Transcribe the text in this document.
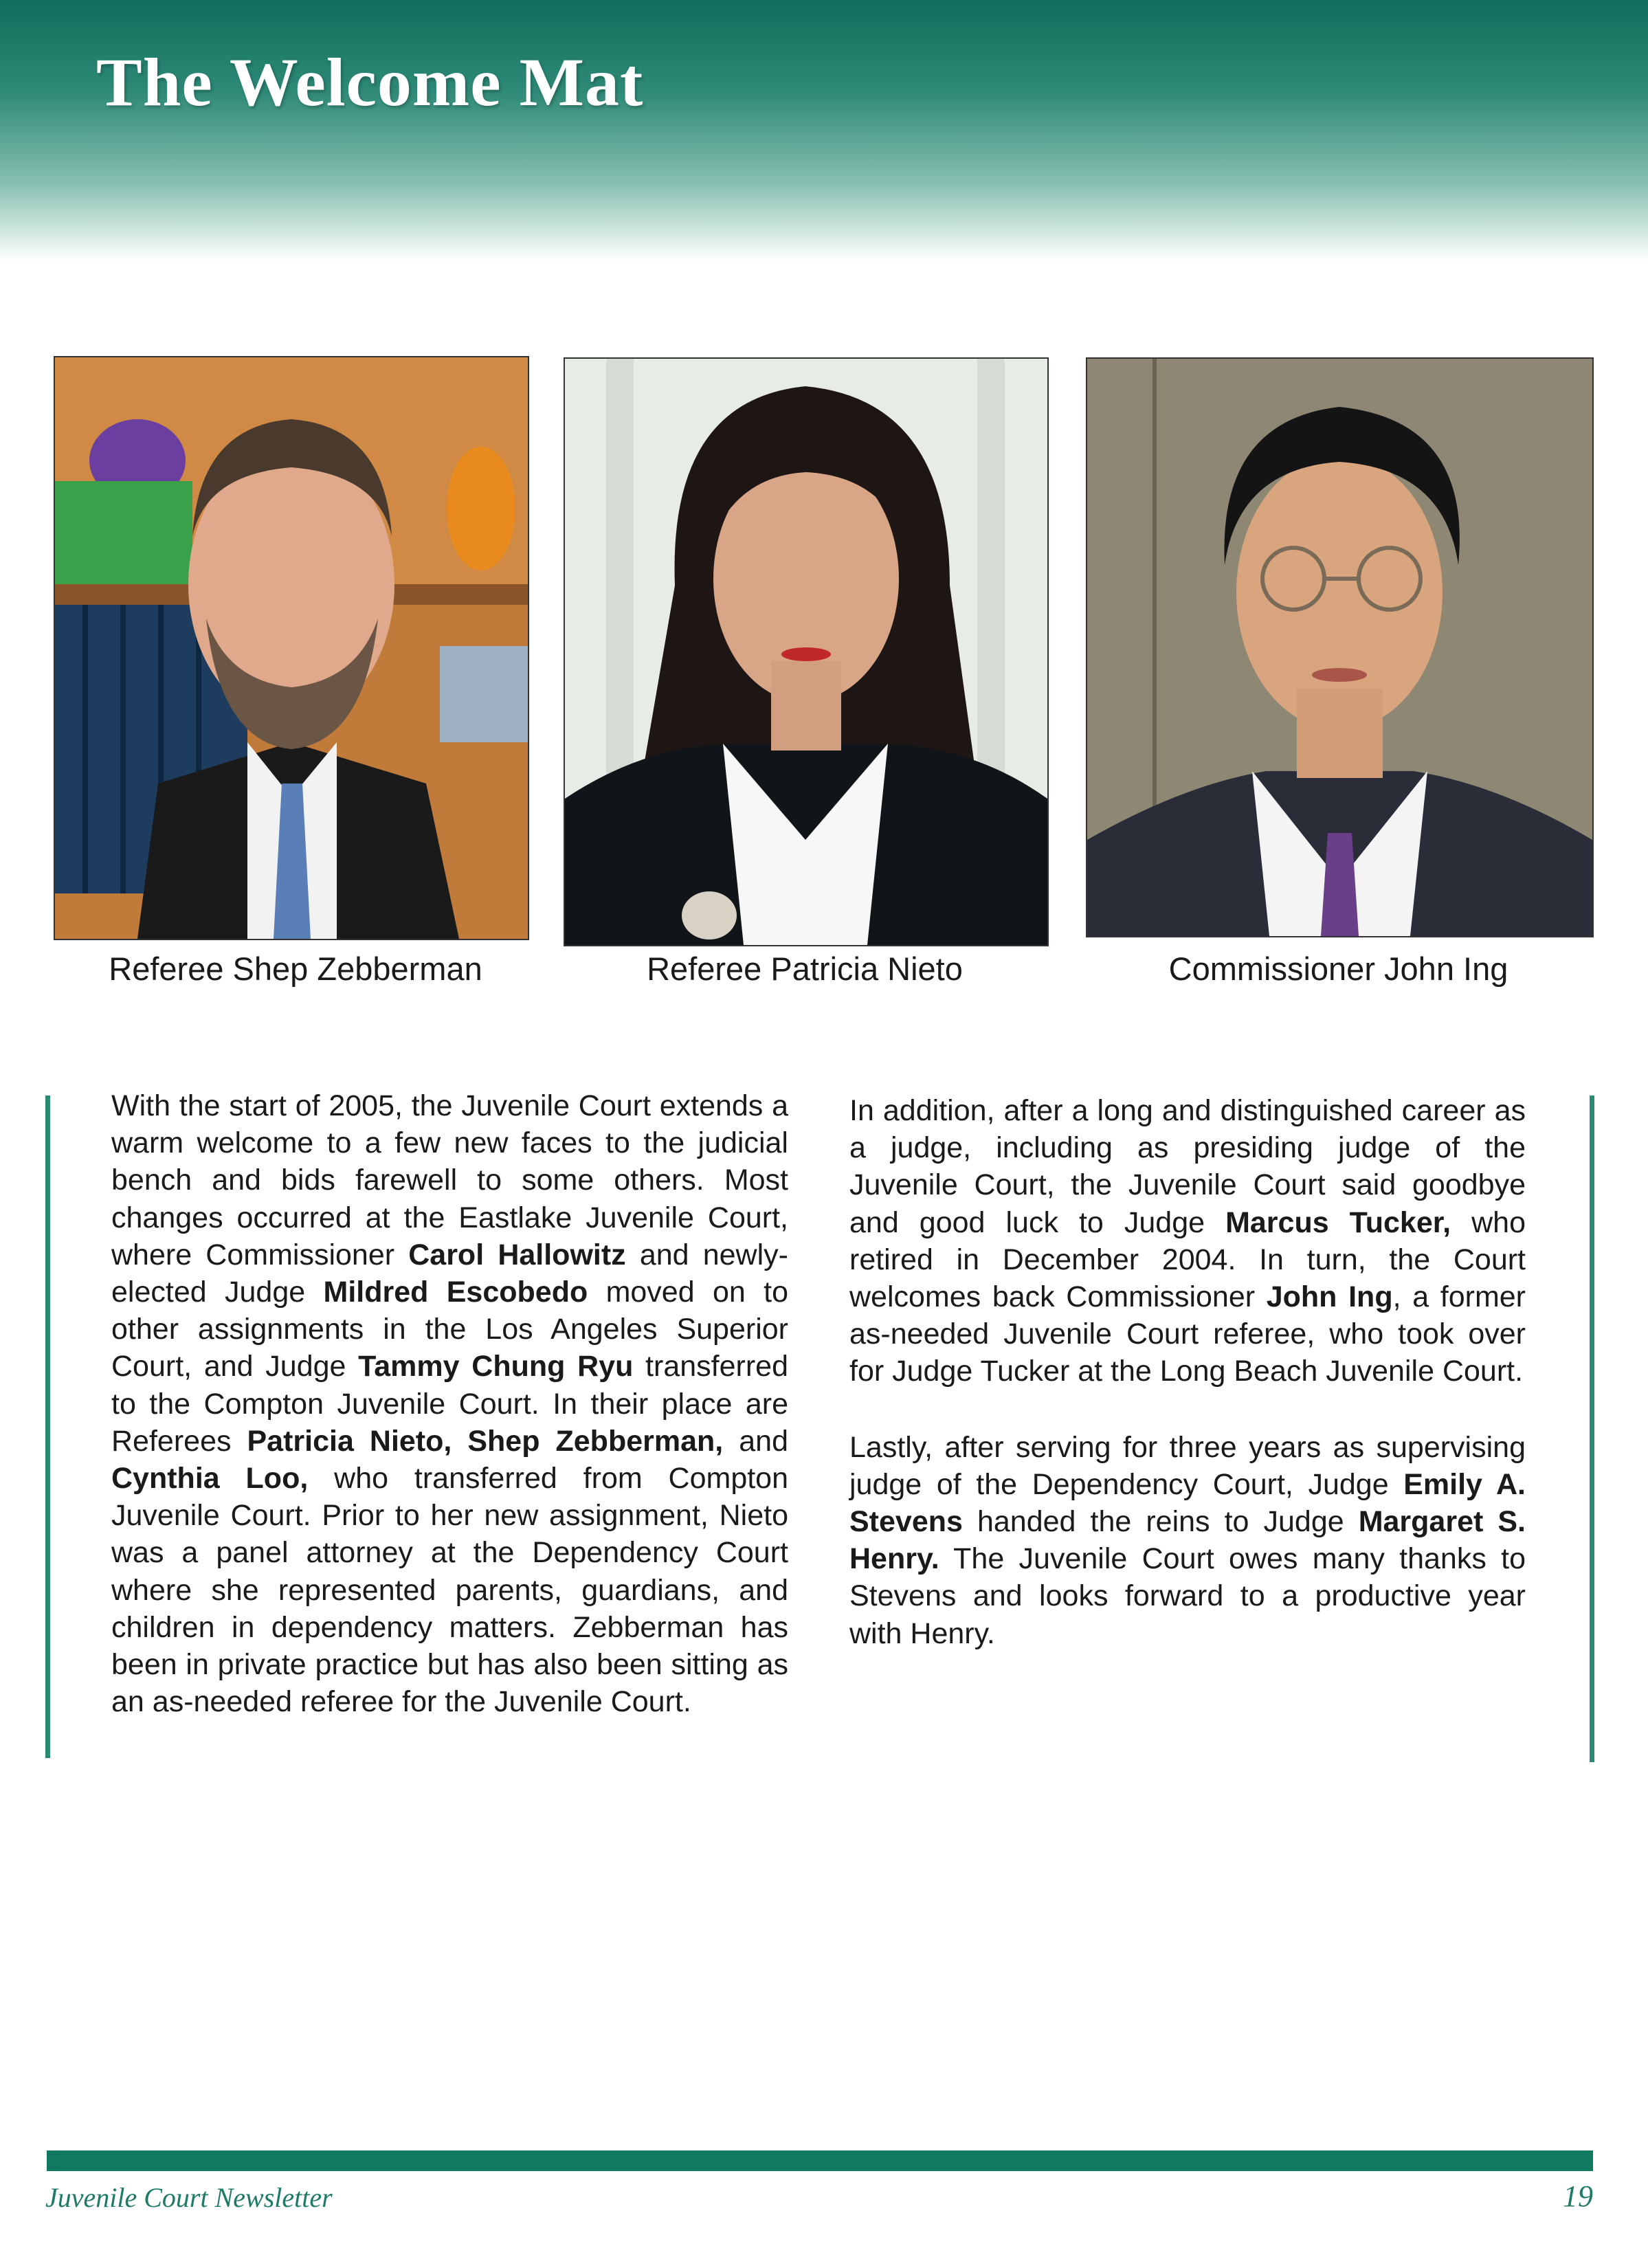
The Welcome Mat
Referee Shep Zebberman	Referee Patricia Nieto	Commissioner John Ing

With the start of 2005, the Juvenile Court extends a warm welcome to a few new faces to the judicial bench and bids farewell to some others. Most changes occurred at the Eastlake Juvenile Court, where Commissioner Carol Hallowitz and newly-elected Judge Mildred Escobedo moved on to other assignments in the Los Angeles Superior Court, and Judge Tammy Chung Ryu transferred to the Compton Juvenile Court. In their place are Referees Patricia Nieto, Shep Zebberman, and Cynthia Loo, who transferred from Compton Juvenile Court. Prior to her new assignment, Nieto was a panel attorney at the Dependency Court where she represented parents, guardians, and children in dependency matters. Zebberman has been in private practice but has also been sitting as an as-needed referee for the Juvenile Court.

In addition, after a long and distinguished career as a judge, including as presiding judge of the Juvenile Court, the Juvenile Court said goodbye and good luck to Judge Marcus Tucker, who retired in December 2004. In turn, the Court welcomes back Commissioner John Ing, a former as-needed Juvenile Court referee, who took over for Judge Tucker at the Long Beach Juvenile Court.

Lastly, after serving for three years as supervising judge of the Dependency Court, Judge Emily A. Stevens handed the reins to Judge Margaret S. Henry. The Juvenile Court owes many thanks to Stevens and looks forward to a productive year with Henry.

Juvenile Court Newsletter	19
